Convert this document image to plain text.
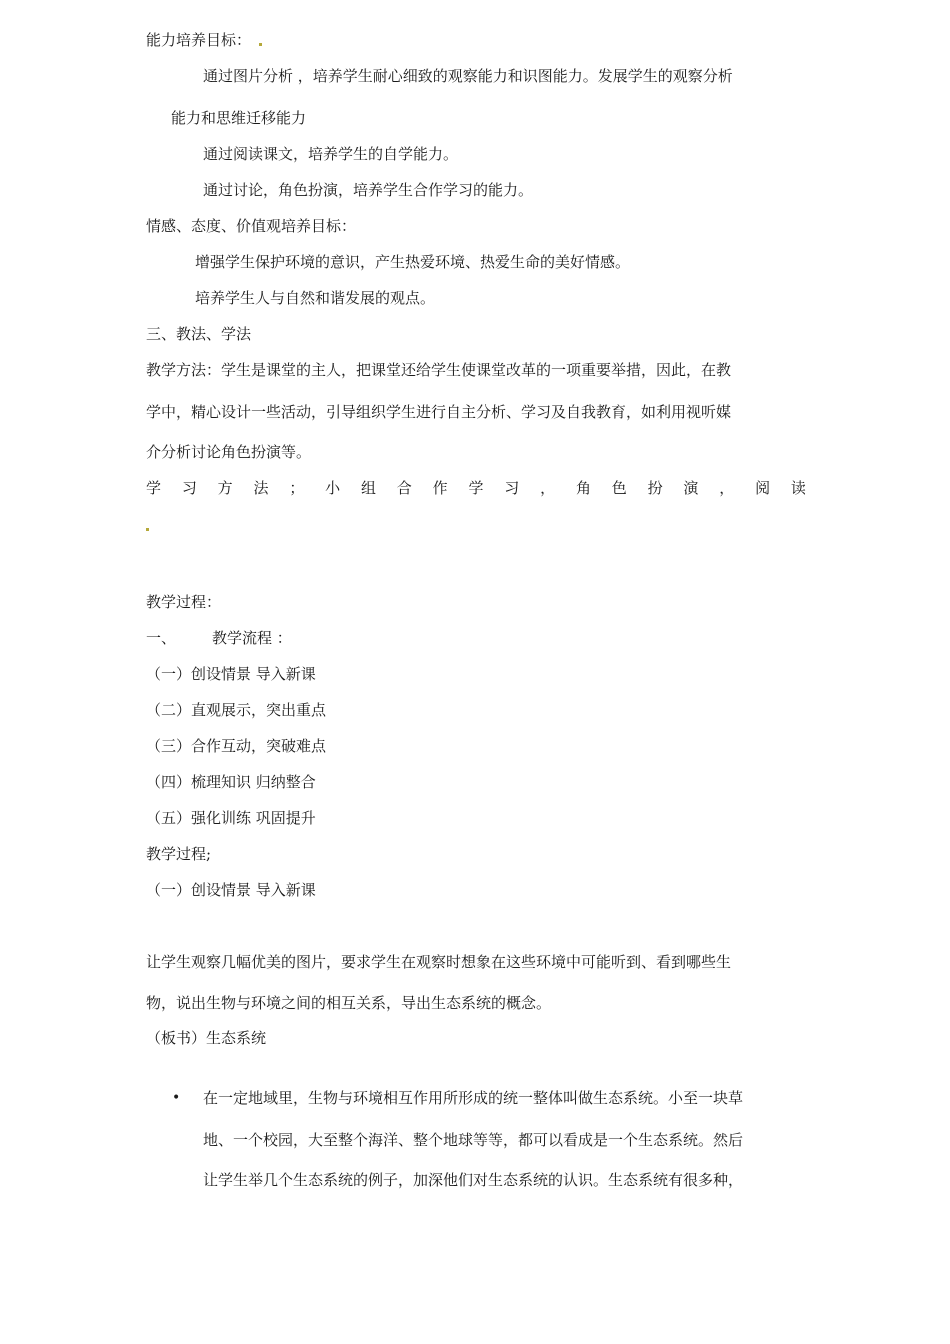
能力培养目标：
通过图片分析 ，培养学生耐心细致的观察能力和识图能力。发展学生的观察分析
能力和思维迁移能力
通过阅读课文，培养学生的自学能力。
通过讨论，角色扮演，培养学生合作学习的能力。
情感、态度、价值观培养目标：
增强学生保护环境的意识，产生热爱环境、热爱生命的美好情感。
培养学生人与自然和谐发展的观点。
三、教法、学法
教学方法：学生是课堂的主人，把课堂还给学生使课堂改革的一项重要举措，因此，在教
学中，精心设计一些活动，引导组织学生进行自主分析、学习及自我教育，如利用视听媒
介分析讨论角色扮演等。
学 习 方 法 ； 小 组 合 作 学 习 ， 角 色 扮 演 ， 阅 读
教学过程：
一、 教学流程 ：
（一）创设情景 导入新课
（二）直观展示，突出重点
（三）合作互动，突破难点
（四）梳理知识 归纳整合
（五）强化训练 巩固提升
教学过程;
（一）创设情景 导入新课
让学生观察几幅优美的图片，要求学生在观察时想象在这些环境中可能听到、看到哪些生
物，说出生物与环境之间的相互关系，导出生态系统的概念。
（板书）生态系统
• 在一定地域里，生物与环境相互作用所形成的统一整体叫做生态系统。小至一块草
地、一个校园，大至整个海洋、整个地球等等，都可以看成是一个生态系统。然后
让学生举几个生态系统的例子，加深他们对生态系统的认识。生态系统有很多种，
